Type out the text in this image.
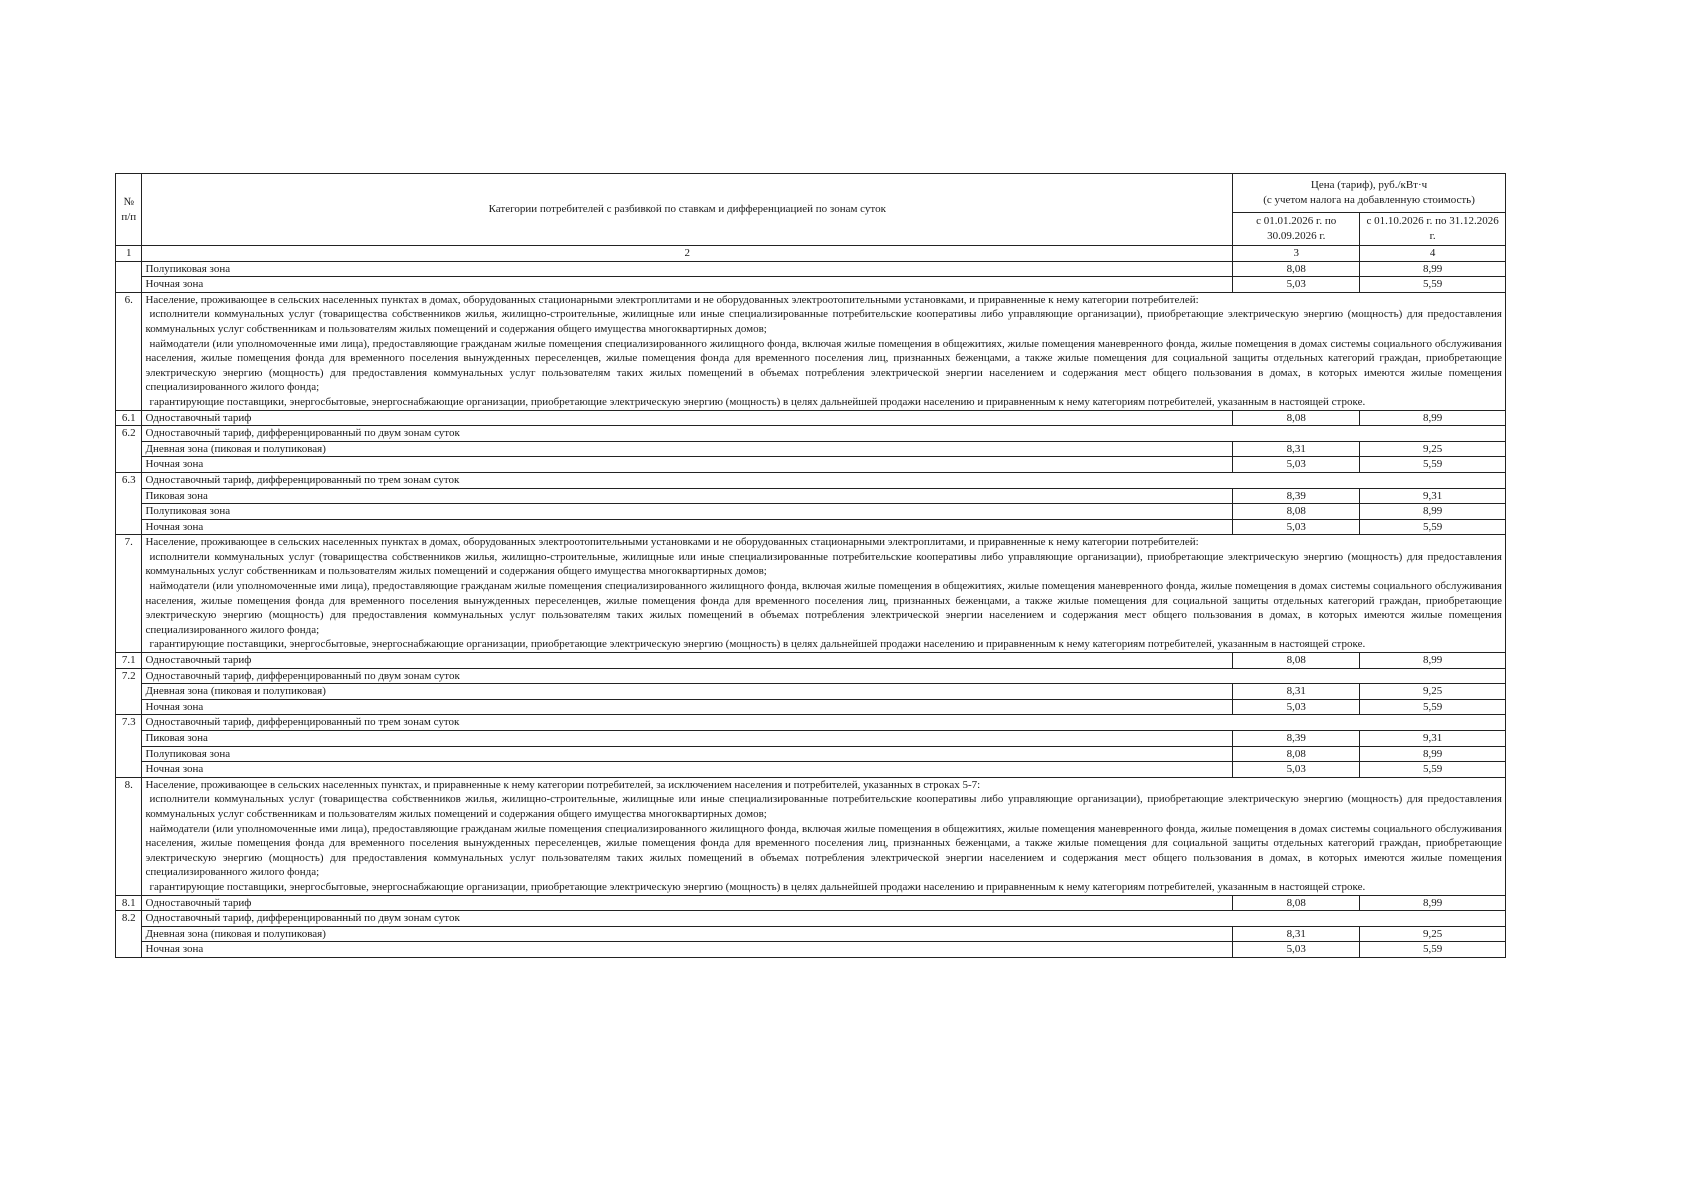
№ п/п	Категории потребителей с разбивкой по ставкам и дифференциацией по зонам суток	Цена (тариф), руб./кВт·ч
(с учетом налога на добавленную стоимость)	
		с 01.01.2026 г. по 30.09.2026 г.	с 01.10.2026 г. по 31.12.2026 г.
1	2	3	4
	Полупиковая зона	8,08	8,99
	Ночная зона	5,03	5,59
6.	Население, проживающее в сельских населенных пунктах в домах, оборудованных стационарными электроплитами и не оборудованных электроотопительными установками, и приравненные к нему категории потребителей:
исполнители коммунальных услуг (товарищества собственников жилья, жилищно-строительные, жилищные или иные специализированные потребительские кооперативы либо управляющие организации), приобретающие электрическую энергию (мощность) для предоставления коммунальных услуг собственникам и пользователям жилых помещений и содержания общего имущества многоквартирных домов;
наймодатели (или уполномоченные ими лица), предоставляющие гражданам жилые помещения специализированного жилищного фонда, включая жилые помещения в общежитиях, жилые помещения маневренного фонда, жилые помещения в домах системы социального обслуживания населения, жилые помещения фонда для временного поселения вынужденных переселенцев, жилые помещения фонда для временного поселения лиц, признанных беженцами, а также жилые помещения для социальной защиты отдельных категорий граждан, приобретающие электрическую энергию (мощность) для предоставления коммунальных услуг пользователям таких жилых помещений в объемах потребления электрической энергии населением и содержания мест общего пользования в домах, в которых имеются жилые помещения специализированного жилого фонда;
гарантирующие поставщики, энергосбытовые, энергоснабжающие организации, приобретающие электрическую энергию (мощность) в целях дальнейшей продажи населению и приравненным к нему категориям потребителей, указанным в настоящей строке.		

6.1	Одноставочный тариф	8,08	8,99
6.2	Одноставочный тариф, дифференцированный по двум зонам суток		
	Дневная зона (пиковая и полупиковая)	8,31	9,25
	Ночная зона	5,03	5,59
6.3	Одноставочный тариф, дифференцированный по трем зонам суток		
	Пиковая зона	8,39	9,31
	Полупиковая зона	8,08	8,99
	Ночная зона	5,03	5,59
7.	Население, проживающее в сельских населенных пунктах в домах, оборудованных электроотопительными установками и не оборудованных стационарными электроплитами, и приравненные к нему категории потребителей:
исполнители коммунальных услуг (товарищества собственников жилья, жилищно-строительные, жилищные или иные специализированные потребительские кооперативы либо управляющие организации), приобретающие электрическую энергию (мощность) для предоставления коммунальных услуг собственникам и пользователям жилых помещений и содержания общего имущества многоквартирных домов;
наймодатели (или уполномоченные ими лица), предоставляющие гражданам жилые помещения специализированного жилищного фонда, включая жилые помещения в общежитиях, жилые помещения маневренного фонда, жилые помещения в домах системы социального обслуживания населения, жилые помещения фонда для временного поселения вынужденных переселенцев, жилые помещения фонда для временного поселения лиц, признанных беженцами, а также жилые помещения для социальной защиты отдельных категорий граждан, приобретающие электрическую энергию (мощность) для предоставления коммунальных услуг пользователям таких жилых помещений в объемах потребления электрической энергии населением и содержания мест общего пользования в домах, в которых имеются жилые помещения специализированного жилого фонда;
гарантирующие поставщики, энергосбытовые, энергоснабжающие организации, приобретающие электрическую энергию (мощность) в целях дальнейшей продажи населению и приравненным к нему категориям потребителей, указанным в настоящей строке.		

7.1	Одноставочный тариф	8,08	8,99
7.2	Одноставочный тариф, дифференцированный по двум зонам суток		
	Дневная зона (пиковая и полупиковая)	8,31	9,25
	Ночная зона	5,03	5,59
7.3	Одноставочный тариф, дифференцированный по трем зонам суток		
	Пиковая зона	8,39	9,31
	Полупиковая зона	8,08	8,99
	Ночная зона	5,03	5,59
8.	Население, проживающее в сельских населенных пунктах, и приравненные к нему категории потребителей, за исключением населения и потребителей, указанных в строках 5-7:
исполнители коммунальных услуг (товарищества собственников жилья, жилищно-строительные, жилищные или иные специализированные потребительские кооперативы либо управляющие организации), приобретающие электрическую энергию (мощность) для предоставления коммунальных услуг собственникам и пользователям жилых помещений и содержания общего имущества многоквартирных домов;
наймодатели (или уполномоченные ими лица), предоставляющие гражданам жилые помещения специализированного жилищного фонда, включая жилые помещения в общежитиях, жилые помещения маневренного фонда, жилые помещения в домах системы социального обслуживания населения, жилые помещения фонда для временного поселения вынужденных переселенцев, жилые помещения фонда для временного поселения лиц, признанных беженцами, а также жилые помещения для социальной защиты отдельных категорий граждан, приобретающие электрическую энергию (мощность) для предоставления коммунальных услуг пользователям таких жилых помещений в объемах потребления электрической энергии населением и содержания мест общего пользования в домах, в которых имеются жилые помещения специализированного жилого фонда;
гарантирующие поставщики, энергосбытовые, энергоснабжающие организации, приобретающие электрическую энергию (мощность) в целях дальнейшей продажи населению и приравненным к нему категориям потребителей, указанным в настоящей строке.		

8.1	Одноставочный тариф	8,08	8,99
8.2	Одноставочный тариф, дифференцированный по двум зонам суток		
	Дневная зона (пиковая и полупиковая)	8,31	9,25
	Ночная зона	5,03	5,59
